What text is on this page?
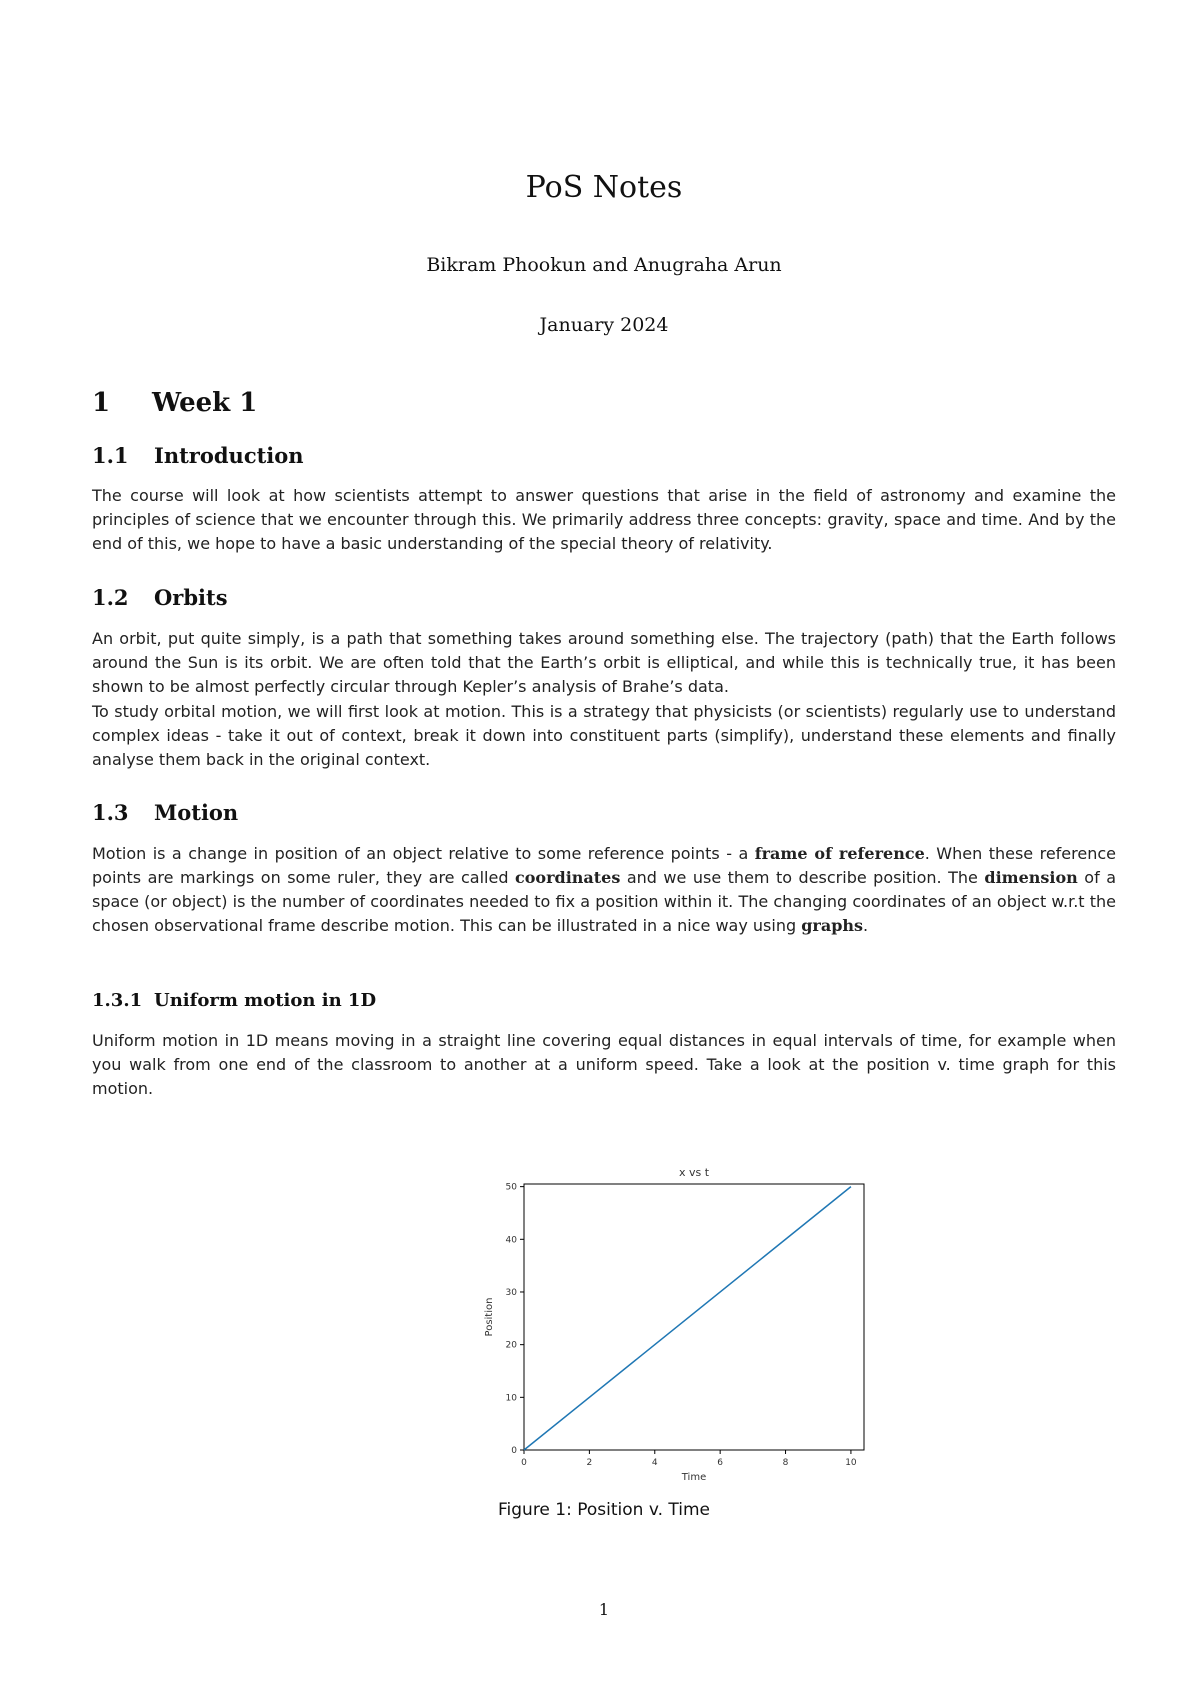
PoS Notes
Bikram Phookun and Anugraha Arun
January 2024
1 Week 1
1.1 Introduction

The course will look at how scientists attempt to answer questions that arise in the field of astronomy and examine the principles of science that we encounter through this. We primarily address three concepts: gravity, space and time. And by the end of this, we hope to have a basic understanding of the special theory of relativity.

1.2 Orbits

An orbit, put quite simply, is a path that something takes around something else. The trajectory (path) that the Earth follows around the Sun is its orbit. We are often told that the Earth’s orbit is elliptical, and while this is technically true, it has been shown to be almost perfectly circular through Kepler’s analysis of Brahe’s data.

To study orbital motion, we will first look at motion. This is a strategy that physicists (or scientists) regularly use to understand complex ideas - take it out of context, break it down into constituent parts (simplify), understand these elements and finally analyse them back in the original context.

1.3 Motion

Motion is a change in position of an object relative to some reference points - a frame of reference. When these reference points are markings on some ruler, they are called coordinates and we use them to describe position. The dimension of a space (or object) is the number of coordinates needed to fix a position within it. The changing coordinates of an object w.r.t the chosen observational frame describe motion. This can be illustrated in a nice way using graphs.

1.3.1 Uniform motion in 1D

Uniform motion in 1D means moving in a straight line covering equal distances in equal intervals of time, for example when you walk from one end of the classroom to another at a uniform speed. Take a look at the position v. time graph for this motion.

0	2	4	6	8	10
0
10
20
30
40
50
x vs t
Time
Position
Figure 1: Position v. Time
1
